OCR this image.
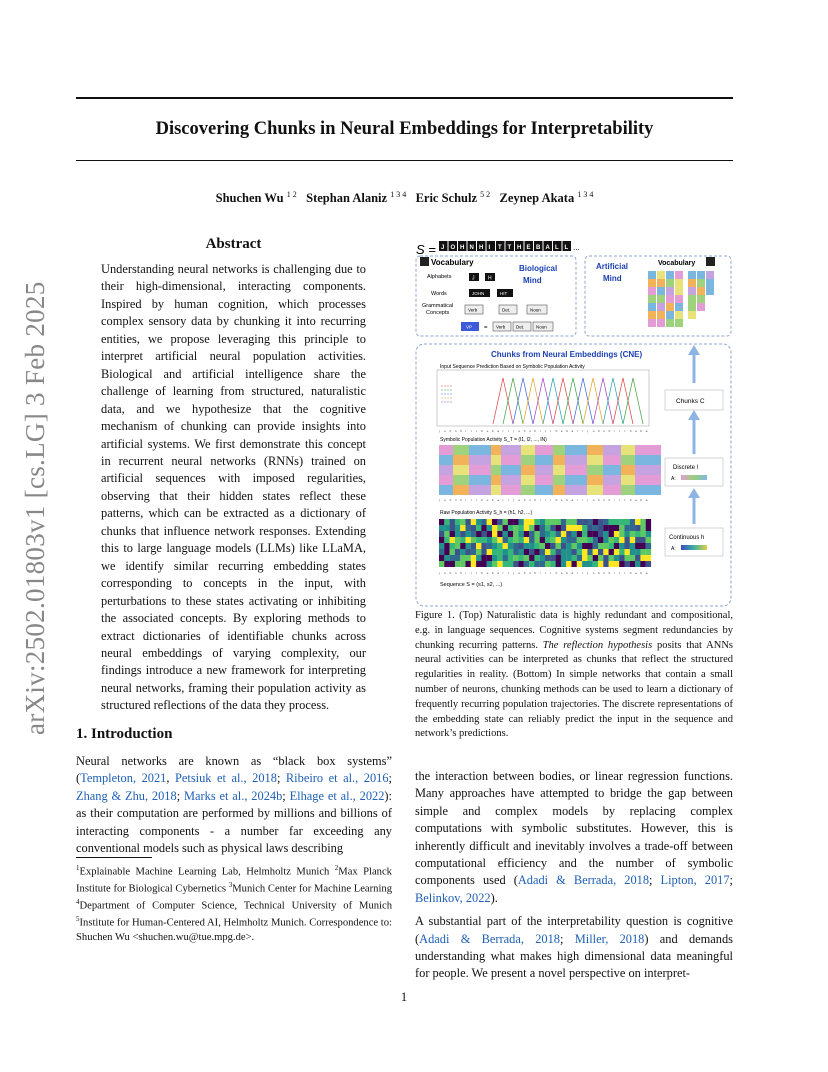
Discovering Chunks in Neural Embeddings for Interpretability
Shuchen Wu $^{1 2}$ Stephan Alaniz $^{1 3 4}$ Eric Schulz $^{5 2}$ Zeynep Akata $^{1 3 4}$
arXiv:2502.01803v1 [cs.LG] 3 Feb 2025
Abstract
Understanding neural networks is challenging due to their high-dimensional, interacting components. Inspired by human cognition, which processes complex sensory data by chunking it into recurring entities, we propose leveraging this principle to interpret artificial neural population activities. Biological and artificial intelligence share the challenge of learning from structured, naturalistic data, and we hypothesize that the cognitive mechanism of chunking can provide insights into artificial systems. We first demonstrate this concept in recurrent neural networks (RNNs) trained on artificial sequences with imposed regularities, observing that their hidden states reflect these patterns, which can be extracted as a dictionary of chunks that influence network responses. Extending this to large language models (LLMs) like LLaMA, we identify similar recurring embedding states corresponding to concepts in the input, with perturbations to these states activating or inhibiting the associated concepts. By exploring methods to extract dictionaries of identifiable chunks across neural embeddings of varying complexity, our findings introduce a new framework for interpreting neural networks, framing their population activity as structured reflections of the data they process.
1. Introduction
Neural networks are known as “black box systems” (Templeton, 2021, Petsiuk et al., 2018; Ribeiro et al., 2016; Zhang & Zhu, 2018; Marks et al., 2024b; Elhage et al., 2022): as their computation are performed by millions and billions of interacting components - a number far exceeding any conventional models such as physical laws describing
$^1$Explainable Machine Learning Lab, Helmholtz Munich $^2$Max Planck Institute for Biological Cybernetics $^3$Munich Center for Machine Learning $^4$Department of Computer Science, Technical University of Munich $^5$Institute for Human-Centered AI, Helmholtz Munich. Correspondence to: Shuchen Wu <shuchen.wu@tue.mpg.de>.
S = J O H N H I T T H E B A L L ...
Vocabulary
Biological
Mind
Alphabets	J	H
Words	JOHN	HIT
Grammatical
Concepts	Verb	Det.	Noun
VP = Verb Det.	Noun
Artificial
Mind
Vocabulary
Chunks from Neural Embeddings (CNE)
Input Sequence Prediction Based on Symbolic Population Activity
j o h n h i t t h e b a l l	j o h n h i t t h e b a l l	j o h n h i t t h e b a
Symbolic Population Activity S_T = (l1, l2, ..., lN)
j o h n h i t t h e b a l l	j o h n h i t t h e b a l l	j o h n h i t t h e b a
Raw Population Activity S_h = (h1, h2, ...)
j o h n h i t t h e b a l l	j o h n h i t t h e b a l l	j o h n h i t t h e b a
Sequence S = (s1, s2, ...)
Chunks C
Discrete l
A:
Continuous h
A:
Figure 1. (Top) Naturalistic data is highly redundant and compositional, e.g. in language sequences. Cognitive systems segment redundancies by chunking recurring patterns. The reflection hypothesis posits that ANNs neural activities can be interpreted as chunks that reflect the structured regularities in reality. (Bottom) In simple networks that contain a small number of neurons, chunking methods can be used to learn a dictionary of frequently recurring population trajectories. The discrete representations of the embedding state can reliably predict the input in the sequence and network’s predictions.

the interaction between bodies, or linear regression functions. Many approaches have attempted to bridge the gap between simple and complex models by replacing complex computations with symbolic substitutes. However, this is inherently difficult and inevitably involves a trade-off between computational efficiency and the number of symbolic components used (Adadi & Berrada, 2018; Lipton, 2017; Belinkov, 2022).

A substantial part of the interpretability question is cognitive (Adadi & Berrada, 2018; Miller, 2018) and demands understanding what makes high dimensional data meaningful for people. We present a novel perspective on interpret-

1
